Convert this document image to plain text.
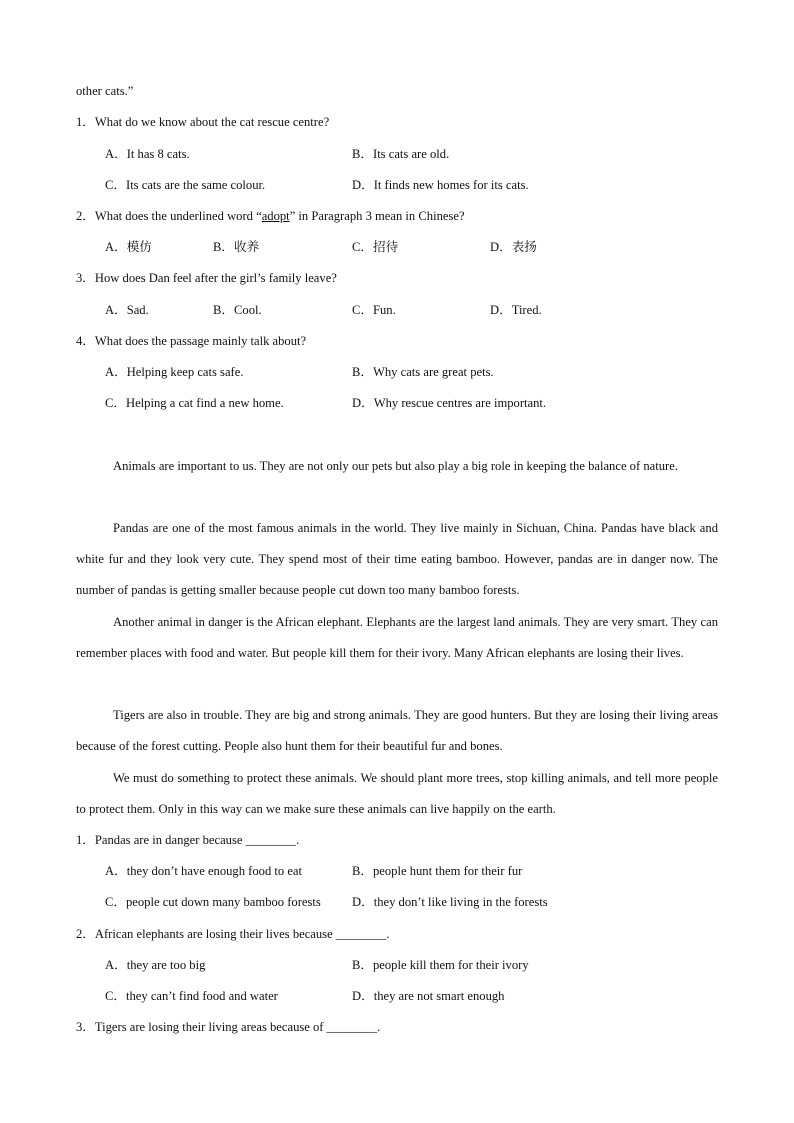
other cats.”
1．What do we know about the cat rescue centre?
A．It has 8 cats.	B．Its cats are old.
C．Its cats are the same colour.	D．It finds new homes for its cats.
2．What does the underlined word “adopt” in Paragraph 3 mean in Chinese?
A．模仿	B．收养	C．招待	D．表扬
3．How does Dan feel after the girl’s family leave?
A．Sad.	B．Cool.	C．Fun.	D．Tired.
4．What does the passage mainly talk about?
A．Helping keep cats safe.	B．Why cats are great pets.
C．Helping a cat find a new home.	D．Why rescue centres are important.
Animals are important to us. They are not only our pets but also play a big role in keeping the balance of nature.
Pandas are one of the most famous animals in the world. They live mainly in Sichuan, China. Pandas have black and white fur and they look very cute. They spend most of their time eating bamboo. However, pandas are in danger now. The number of pandas is getting smaller because people cut down too many bamboo forests.
Another animal in danger is the African elephant. Elephants are the largest land animals. They are very smart. They can remember places with food and water. But people kill them for their ivory. Many African elephants are losing their lives.
Tigers are also in trouble. They are big and strong animals. They are good hunters. But they are losing their living areas because of the forest cutting. People also hunt them for their beautiful fur and bones.
We must do something to protect these animals. We should plant more trees, stop killing animals, and tell more people to protect them. Only in this way can we make sure these animals can live happily on the earth.
1．Pandas are in danger because ________.
A．they don’t have enough food to eat	B．people hunt them for their fur
C．people cut down many bamboo forests D．they don’t like living in the forests
2．African elephants are losing their lives because ________.
A．they are too big	B．people kill them for their ivory
C．they can’t find food and water	D．they are not smart enough
3．Tigers are losing their living areas because of ________.
